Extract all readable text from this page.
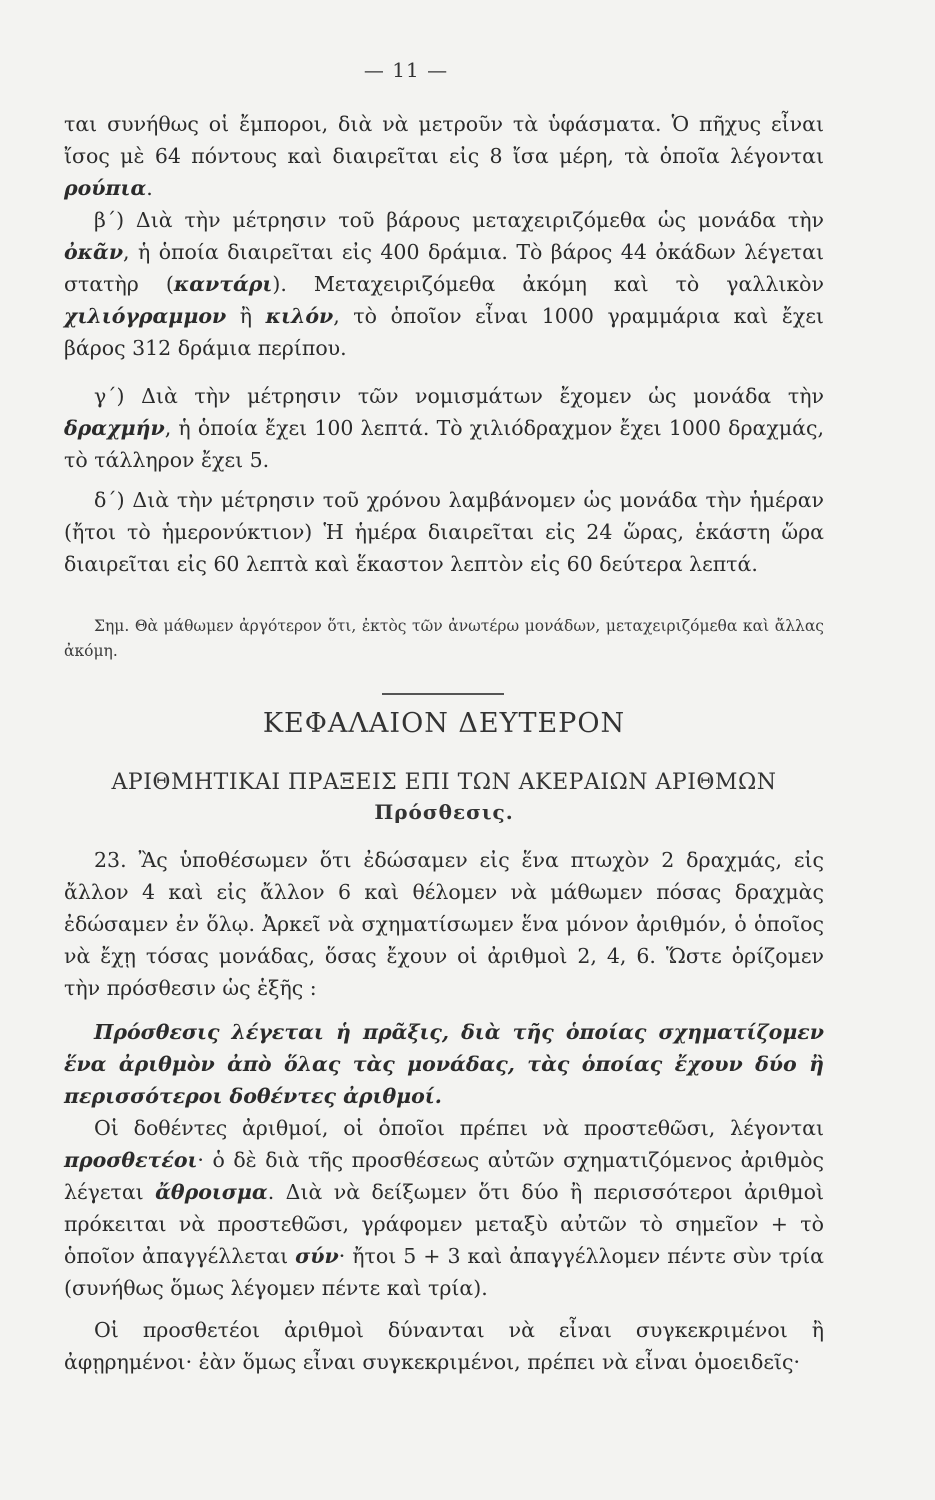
— 11 —

ται συνήθως οἱ ἔμποροι, διὰ νὰ μετροῦν τὰ ὑφάσματα. Ὁ πῆχυς εἶναι ἴσος μὲ 64 πόντους καὶ διαιρεῖται εἰς 8 ἴσα μέρη, τὰ ὁποῖα λέγονται ρούπια.

β΄) Διὰ τὴν μέτρησιν τοῦ βάρους μεταχειριζόμεθα ὡς μονάδα τὴν ὀκᾶν, ἡ ὁποία διαιρεῖται εἰς 400 δράμια. Τὸ βάρος 44 ὀκάδων λέγεται στατὴρ (καντάρι). Μεταχειριζόμεθα ἀκόμη καὶ τὸ γαλλικὸν χιλιόγραμμον ἢ κιλόν, τὸ ὁποῖον εἶναι 1000 γραμμάρια καὶ ἔχει βάρος 312 δράμια περίπου.

γ΄) Διὰ τὴν μέτρησιν τῶν νομισμάτων ἔχομεν ὡς μονάδα τὴν δραχμήν, ἡ ὁποία ἔχει 100 λεπτά. Τὸ χιλιόδραχμον ἔχει 1000 δραχμάς, τὸ τάλληρον ἔχει 5.

δ΄) Διὰ τὴν μέτρησιν τοῦ χρόνου λαμβάνομεν ὡς μονάδα τὴν ἡμέραν (ἤτοι τὸ ἡμερονύκτιον) Ἡ ἡμέρα διαιρεῖται εἰς 24 ὥρας, ἑκάστη ὥρα διαιρεῖται εἰς 60 λεπτὰ καὶ ἕκαστον λεπτὸν εἰς 60 δεύτερα λεπτά.

Σημ. Θὰ μάθωμεν ἀργότερον ὅτι, ἐκτὸς τῶν ἀνωτέρω μονάδων, μεταχειριζόμεθα καὶ ἄλλας ἀκόμη.

ΚΕΦΑΛΑΙΟΝ ΔΕΥΤΕΡΟΝ
ΑΡΙΘΜΗΤΙΚΑΙ ΠΡΑΞΕΙΣ ΕΠΙ ΤΩΝ ΑΚΕΡΑΙΩΝ ΑΡΙΘΜΩΝ
Πρόσθεσις.

23. Ἂς ὑποθέσωμεν ὅτι ἐδώσαμεν εἰς ἕνα πτωχὸν 2 δραχμάς, εἰς ἄλλον 4 καὶ εἰς ἄλλον 6 καὶ θέλομεν νὰ μάθωμεν πόσας δραχμὰς ἐδώσαμεν ἐν ὅλῳ. Ἀρκεῖ νὰ σχηματίσωμεν ἕνα μόνον ἀριθμόν, ὁ ὁποῖος νὰ ἔχῃ τόσας μονάδας, ὅσας ἔχουν οἱ ἀριθμοὶ 2, 4, 6. Ὥστε ὁρίζομεν τὴν πρόσθεσιν ὡς ἑξῆς :

Πρόσθεσις λέγεται ἡ πρᾶξις, διὰ τῆς ὁποίας σχηματίζομεν ἕνα ἀριθμὸν ἀπὸ ὅλας τὰς μονάδας, τὰς ὁποίας ἔχουν δύο ἢ περισσότεροι δοθέντες ἀριθμοί.

Οἱ δοθέντες ἀριθμοί, οἱ ὁποῖοι πρέπει νὰ προστεθῶσι, λέγονται προσθετέοι· ὁ δὲ διὰ τῆς προσθέσεως αὐτῶν σχηματιζόμενος ἀριθμὸς λέγεται ἄθροισμα. Διὰ νὰ δείξωμεν ὅτι δύο ἢ περισσότεροι ἀριθμοὶ πρόκειται νὰ προστεθῶσι, γράφομεν μεταξὺ αὐτῶν τὸ σημεῖον + τὸ ὁποῖον ἀπαγγέλλεται σύν· ἤτοι 5 + 3 καὶ ἀπαγγέλλομεν πέντε σὺν τρία (συνήθως ὅμως λέγομεν πέντε καὶ τρία).

Οἱ προσθετέοι ἀριθμοὶ δύνανται νὰ εἶναι συγκεκριμένοι ἢ ἀφῃρημένοι· ἐὰν ὅμως εἶναι συγκεκριμένοι, πρέπει νὰ εἶναι ὁμοειδεῖς·
